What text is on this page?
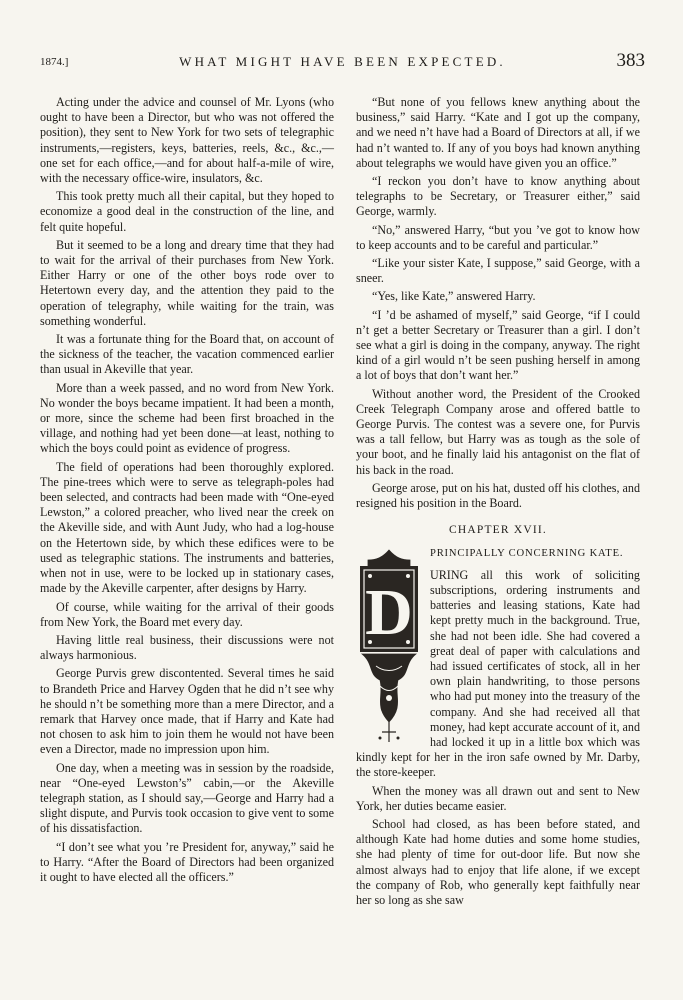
1874.]	WHAT MIGHT HAVE BEEN EXPECTED.	383

Acting under the advice and counsel of Mr. Lyons (who ought to have been a Director, but who was not offered the position), they sent to New York for two sets of telegraphic instruments,—registers, keys, batteries, reels, &c., &c.,—one set for each office,—and for about half-a-mile of wire, with the necessary office-wire, insulators, &c.

This took pretty much all their capital, but they hoped to economize a good deal in the construction of the line, and felt quite hopeful.

But it seemed to be a long and dreary time that they had to wait for the arrival of their purchases from New York. Either Harry or one of the other boys rode over to Hetertown every day, and the attention they paid to the operation of telegraphy, while waiting for the train, was something wonderful.

It was a fortunate thing for the Board that, on account of the sickness of the teacher, the vacation commenced earlier than usual in Akeville that year.

More than a week passed, and no word from New York. No wonder the boys became impatient. It had been a month, or more, since the scheme had been first broached in the village, and nothing had yet been done—at least, nothing to which the boys could point as evidence of progress.

The field of operations had been thoroughly explored. The pine-trees which were to serve as telegraph-poles had been selected, and contracts had been made with “One-eyed Lewston,” a colored preacher, who lived near the creek on the Akeville side, and with Aunt Judy, who had a log-house on the Hetertown side, by which these edifices were to be used as telegraphic stations. The instruments and batteries, when not in use, were to be locked up in stationary cases, made by the Akeville carpenter, after designs by Harry.

Of course, while waiting for the arrival of their goods from New York, the Board met every day.

Having little real business, their discussions were not always harmonious.

George Purvis grew discontented. Several times he said to Brandeth Price and Harvey Ogden that he did n’t see why he should n’t be something more than a mere Director, and a remark that Harvey once made, that if Harry and Kate had not chosen to ask him to join them he would not have been even a Director, made no impression upon him.

One day, when a meeting was in session by the roadside, near “One-eyed Lewston’s” cabin,—or the Akeville telegraph station, as I should say,—George and Harry had a slight dispute, and Purvis took occasion to give vent to some of his dissatisfaction.

“I don’t see what you ’re President for, anyway,” said he to Harry. “After the Board of Directors had been organized it ought to have elected all the officers.”

“But none of you fellows knew anything about the business,” said Harry. “Kate and I got up the company, and we need n’t have had a Board of Directors at all, if we had n’t wanted to. If any of you boys had known anything about telegraphs we would have given you an office.”

“I reckon you don’t have to know anything about telegraphs to be Secretary, or Treasurer either,” said George, warmly.

“No,” answered Harry, “but you ’ve got to know how to keep accounts and to be careful and particular.”

“Like your sister Kate, I suppose,” said George, with a sneer.

“Yes, like Kate,” answered Harry.

“I ’d be ashamed of myself,” said George, “if I could n’t get a better Secretary or Treasurer than a girl. I don’t see what a girl is doing in the company, anyway. The right kind of a girl would n’t be seen pushing herself in among a lot of boys that don’t want her.”

Without another word, the President of the Crooked Creek Telegraph Company arose and offered battle to George Purvis. The contest was a severe one, for Purvis was a tall fellow, but Harry was as tough as the sole of your boot, and he finally laid his antagonist on the flat of his back in the road.

George arose, put on his hat, dusted off his clothes, and resigned his position in the Board.

CHAPTER XVII.
D

PRINCIPALLY CONCERNING KATE.

URING all this work of soliciting subscriptions, ordering instruments and batteries and leasing stations, Kate had kept pretty much in the background. True, she had not been idle. She had covered a great deal of paper with calculations and had issued certificates of stock, all in her own plain handwriting, to those persons who had put money into the treasury of the company. And she had received all that money, had kept accurate account of it, and had locked it up in a little box which was kindly kept for her in the iron safe owned by Mr. Darby, the store-keeper.

When the money was all drawn out and sent to New York, her duties became easier.

School had closed, as has been before stated, and although Kate had home duties and some home studies, she had plenty of time for out-door life. But now she almost always had to enjoy that life alone, if we except the company of Rob, who generally kept faithfully near her so long as she saw
